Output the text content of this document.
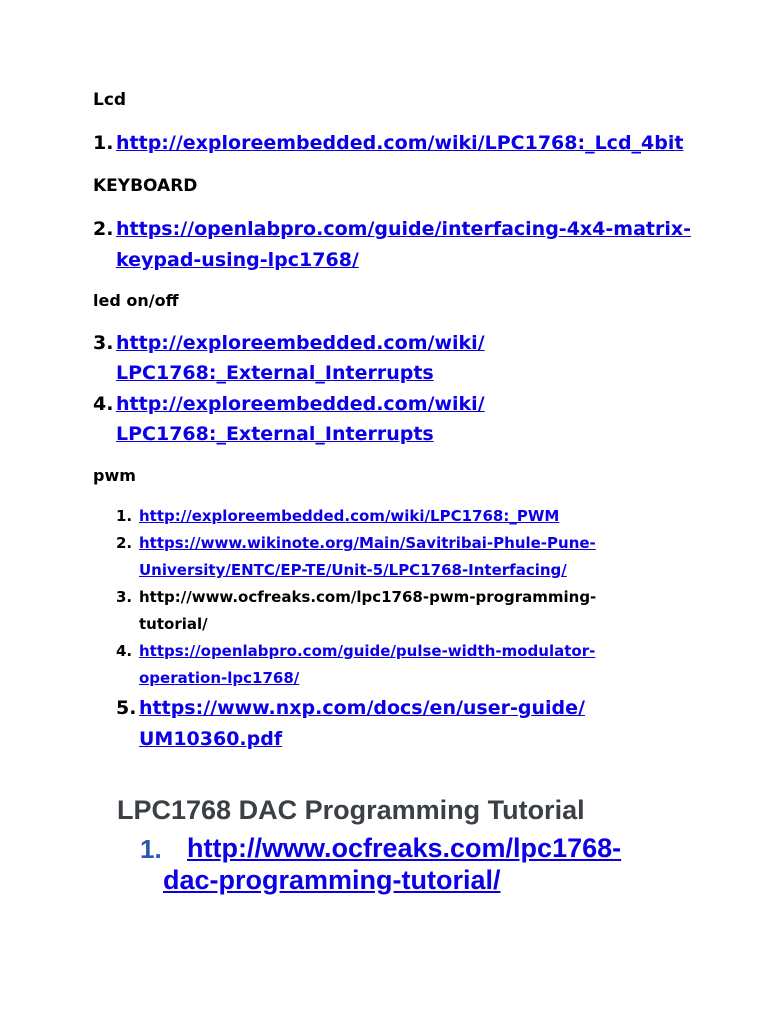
Lcd
1. http://exploreembedded.com/wiki/LPC1768:_Lcd_4bit
KEYBOARD
2. https://openlabpro.com/guide/interfacing-4x4-matrix-
keypad-using-lpc1768/
led on/off
3. http://exploreembedded.com/wiki/
LPC1768:_External_Interrupts
4. http://exploreembedded.com/wiki/
LPC1768:_External_Interrupts
pwm
1. http://exploreembedded.com/wiki/LPC1768:_PWM
2. https://www.wikinote.org/Main/Savitribai-Phule-Pune-
University/ENTC/EP-TE/Unit-5/LPC1768-Interfacing/
3. http://www.ocfreaks.com/lpc1768-pwm-programming-
tutorial/
4. https://openlabpro.com/guide/pulse-width-modulator-
operation-lpc1768/
5. https://www.nxp.com/docs/en/user-guide/
UM10360.pdf
LPC1768 DAC Programming Tutorial
1. http://www.ocfreaks.com/lpc1768-
dac-programming-tutorial/
